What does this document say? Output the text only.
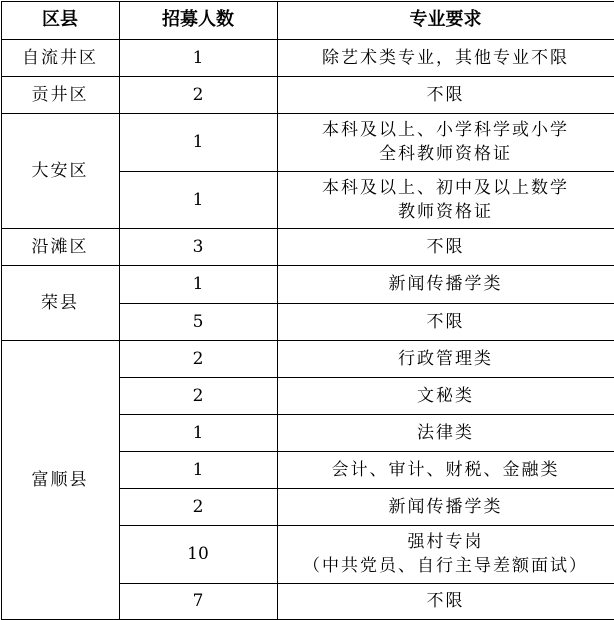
区县	招募人数	专业要求
自流井区	1	除艺术类专业，其他专业不限
贡井区	2	不限
大安区	1	本科及以上、小学科学或小学
全科教师资格证

	1	本科及以上、初中及以上数学
教师资格证

沿滩区	3	不限
荣县	1	新闻传播学类
	5	不限
富顺县	2	行政管理类
	2	文秘类
	1	法律类
	1	会计、审计、财税、金融类
	2	新闻传播学类
	10	强村专岗
（中共党员、自行主导差额面试）

	7	不限
